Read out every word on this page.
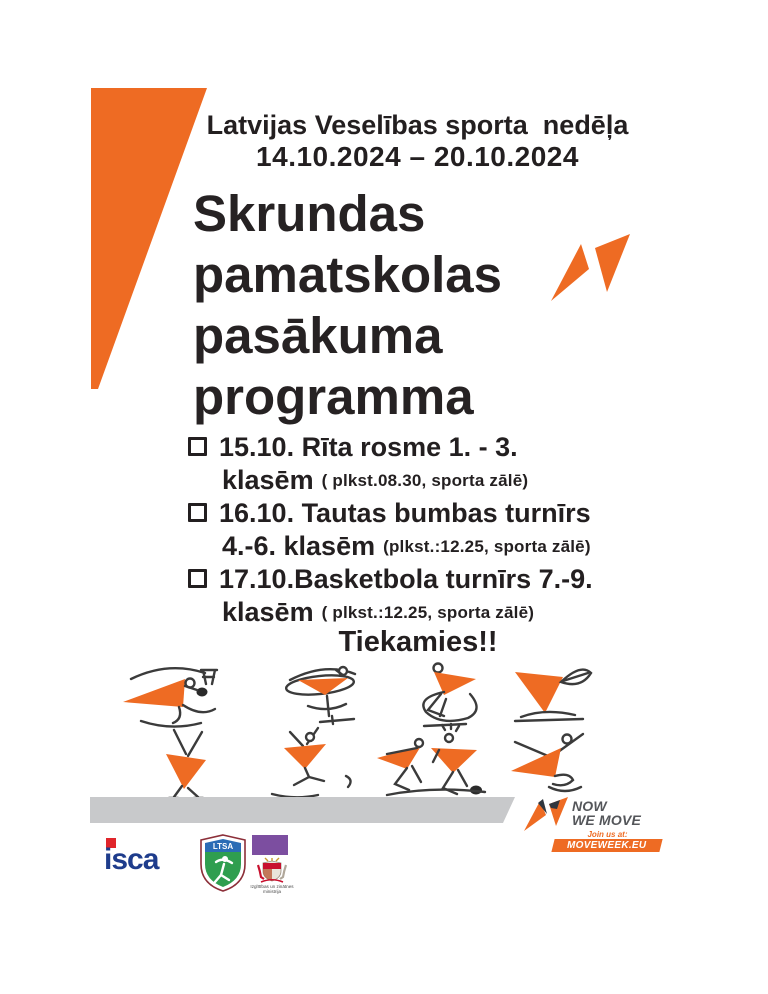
Latvijas Veselības sporta  nedēļa
14.10.2024 – 20.10.2024
Skrundas
pamatskolas
pasākuma
programma
15.10. Rīta rosme 1. - 3.
klasēm ( plkst.08.30, sporta zālē)
16.10. Tautas bumbas turnīrs
4.-6. klasēm (plkst.:12.25, sporta zālē)
17.10.Basketbola turnīrs 7.-9.
klasēm ( plkst.:12.25, sporta zālē)
Tiekamies!!
NOW
WE MOVE
Join us at:
MOVEWEEK.EU
isca	LTSA
Izglītības un zinātnes
ministrija
